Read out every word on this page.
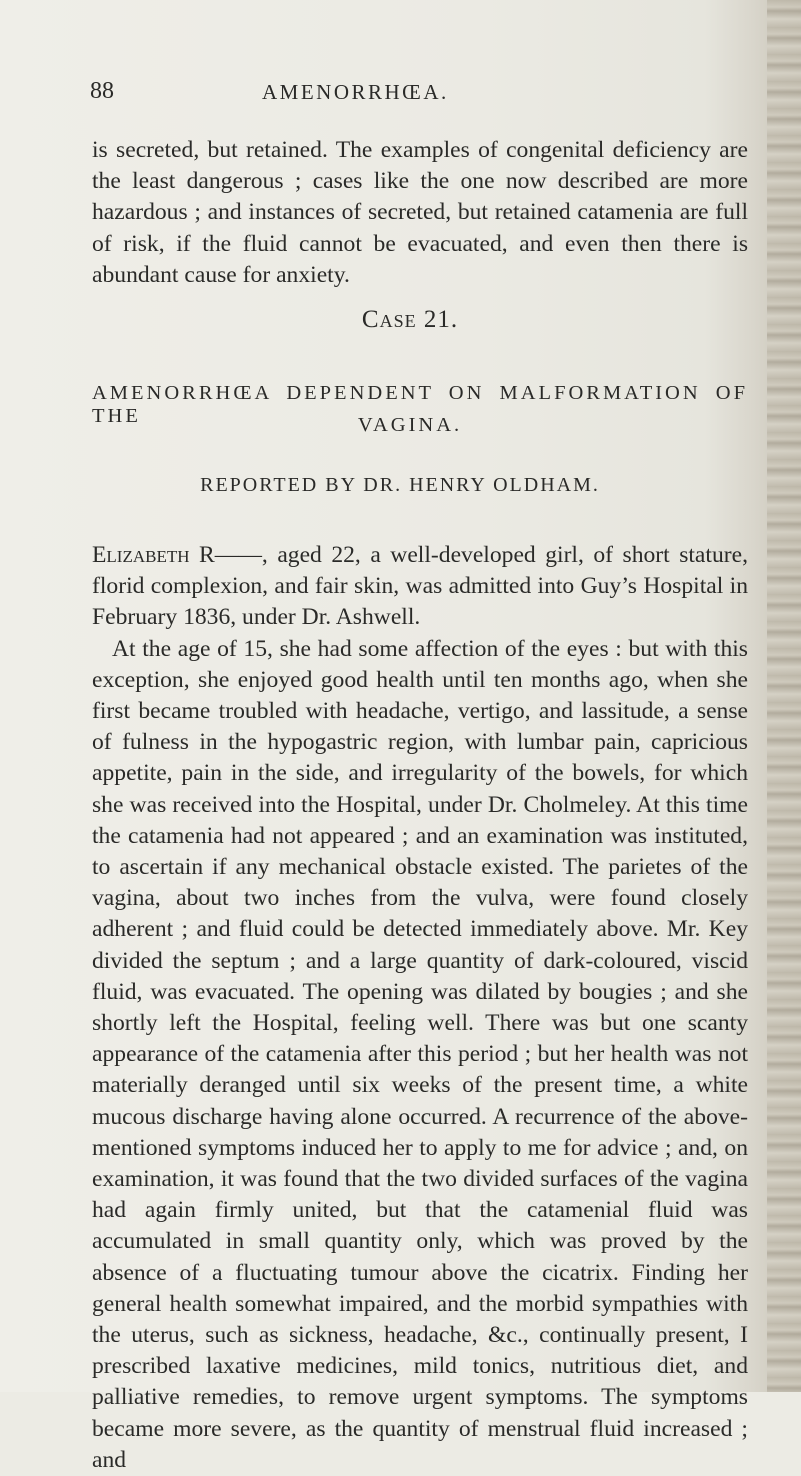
88	AMENORRHŒA.

is secreted, but retained. The examples of congenital deficiency are the least dangerous ; cases like the one now described are more hazardous ; and instances of secreted, but retained catamenia are full of risk, if the fluid cannot be evacuated, and even then there is abundant cause for anxiety.

Case 21.
AMENORRHŒA DEPENDENT ON MALFORMATION OF THE	VAGINA.
REPORTED BY DR. HENRY OLDHAM.

Elizabeth R——, aged 22, a well-developed girl, of short stature, florid complexion, and fair skin, was admitted into Guy’s Hospital in February 1836, under Dr. Ashwell.

At the age of 15, she had some affection of the eyes : but with this exception, she enjoyed good health until ten months ago, when she first became troubled with headache, vertigo, and lassitude, a sense of fulness in the hypogastric region, with lumbar pain, capricious appetite, pain in the side, and irregularity of the bowels, for which she was received into the Hospital, under Dr. Cholmeley. At this time the catamenia had not appeared ; and an examination was instituted, to ascertain if any mechanical obstacle existed. The parietes of the vagina, about two inches from the vulva, were found closely adherent ; and fluid could be detected immediately above. Mr. Key divided the septum ; and a large quantity of dark-coloured, viscid fluid, was evacuated. The opening was dilated by bougies ; and she shortly left the Hospital, feeling well. There was but one scanty appearance of the catamenia after this period ; but her health was not materially deranged until six weeks of the present time, a white mucous discharge having alone occurred. A recurrence of the above-mentioned symptoms induced her to apply to me for advice ; and, on examination, it was found that the two divided surfaces of the vagina had again firmly united, but that the catamenial fluid was accumulated in small quantity only, which was proved by the absence of a fluctuating tumour above the cicatrix. Finding her general health somewhat impaired, and the morbid sympathies with the uterus, such as sickness, headache, &c., continually present, I prescribed laxative medicines, mild tonics, nutritious diet, and palliative remedies, to remove urgent symptoms. The symptoms became more severe, as the quantity of menstrual fluid increased ; and
